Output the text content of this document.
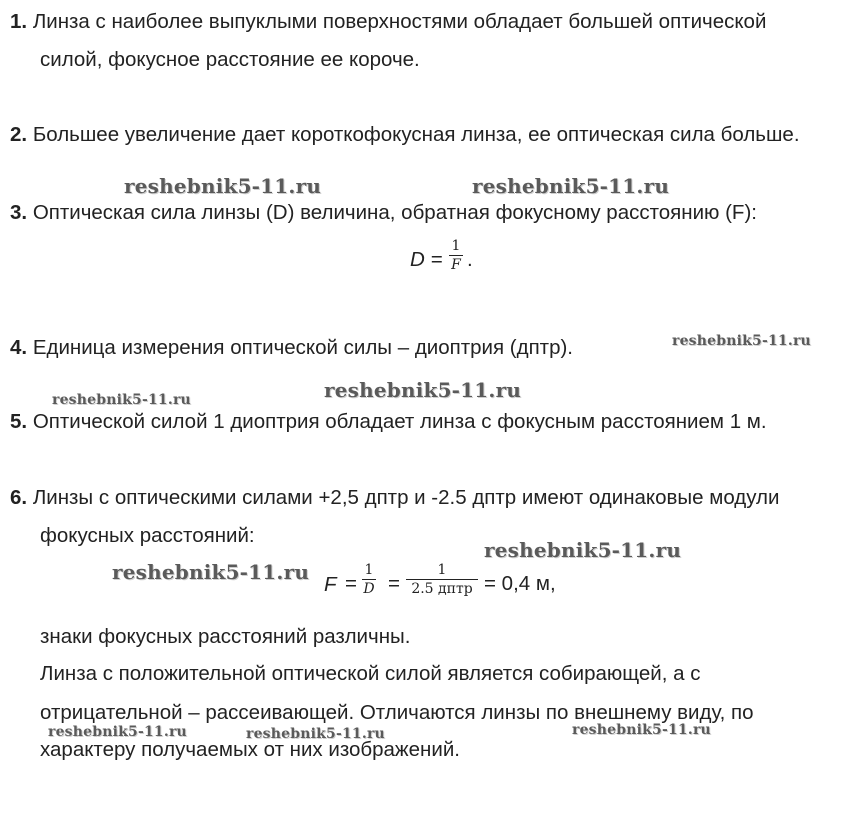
1. Линза с наиболее выпуклыми поверхностями обладает большей оптической
силой, фокусное расстояние ее короче.
2. Большее увеличение дает короткофокусная линза, ее оптическая сила больше.
reshebnik5-11.ru	reshebnik5-11.ru
3. Оптическая сила линзы (D) величина, обратная фокусному расстоянию (F):
D =
1
F .
4. Единица измерения оптической силы – диоптрия (дптр).	reshebnik5-11.ru
reshebnik5-11.ru	reshebnik5-11.ru
5. Оптической силой 1 диоптрия обладает линза с фокусным расстоянием 1 м.
6. Линзы с оптическими силами +2,5 дптр и -2.5 дптр имеют одинаковые модули
фокусных расстояний:
reshebnik5-11.ru
reshebnik5-11.ru
F =
1
D =
1
2.5 дптр = 0,4 м,
знаки фокусных расстояний различны.
Линза с положительной оптической силой является собирающей, а с
отрицательной – рассеивающей. Отличаются линзы по внешнему виду, по
характеру получаемых от них изображений.
reshebnik5-11.ru	reshebnik5-11.ru	reshebnik5-11.ru
